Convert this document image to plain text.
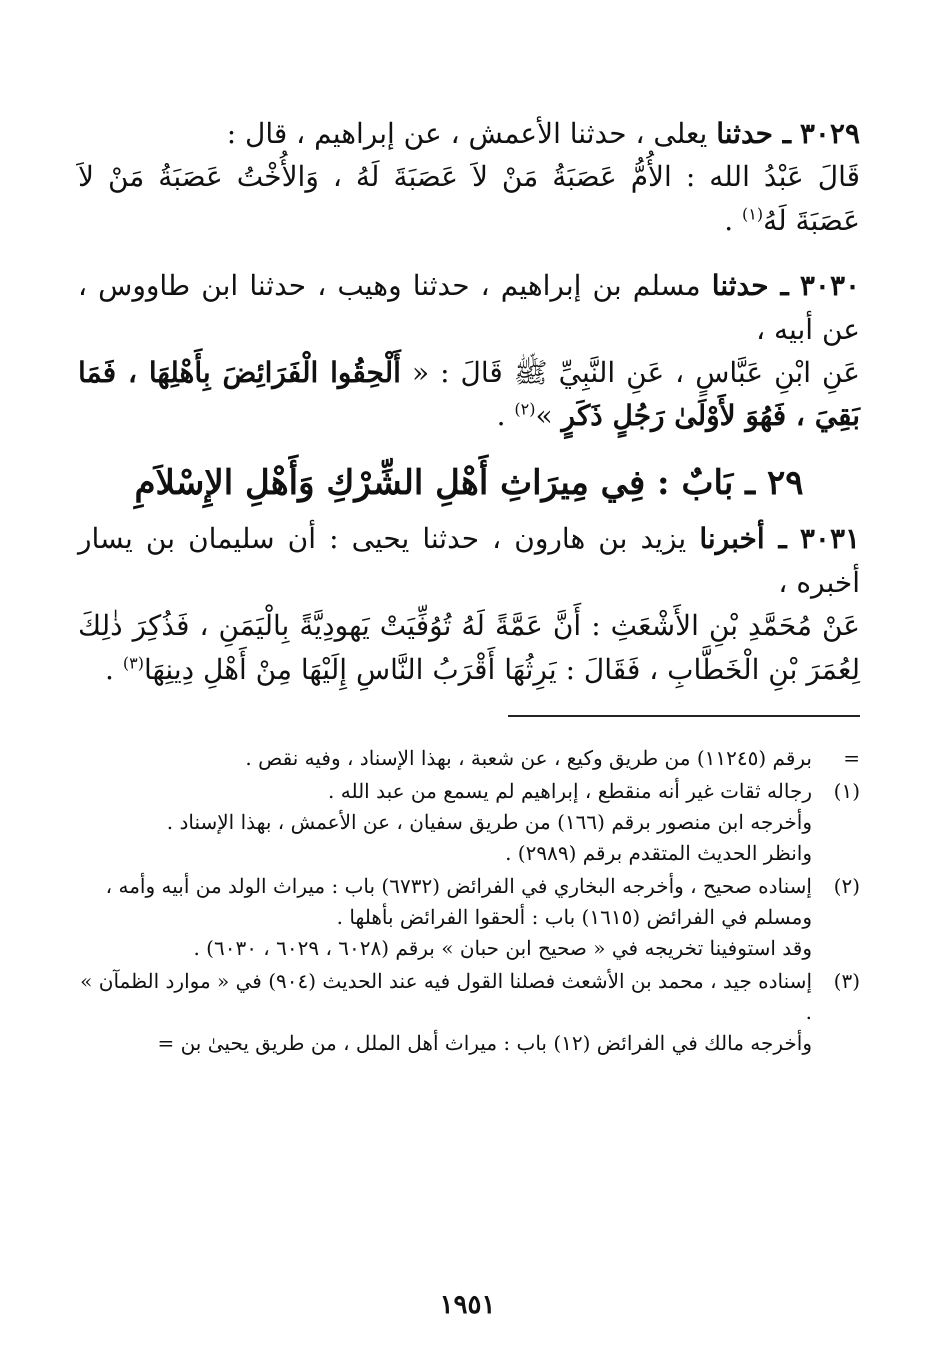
٣٠٢٩ ـ حدثنا يعلى ، حدثنا الأعمش ، عن إبراهيم ، قال :

قَالَ عَبْدُ الله : الأُمُّ عَصَبَةُ مَنْ لاَ عَصَبَةَ لَهُ ، وَالأُخْتُ عَصَبَةُ مَنْ لاَ عَصَبَةَ لَهُ$^{(١)}$ .

٣٠٣٠ ـ حدثنا مسلم بن إبراهيم ، حدثنا وهيب ، حدثنا ابن طاووس ، عن أبيه ،

عَنِ ابْنِ عَبَّاسٍ ، عَنِ النَّبِيِّ ﷺ قَالَ : « أَلْحِقُوا الْفَرَائِضَ بِأَهْلِهَا ، فَمَا بَقِيَ ، فَهُوَ لأَوْلَىٰ رَجُلٍ ذَكَرٍ »$^{(٢)}$ .

٢٩ ـ بَابٌ : فِي مِيرَاثِ أَهْلِ الشِّرْكِ وَأَهْلِ الإِسْلاَمِ

٣٠٣١ ـ أخبرنا يزيد بن هارون ، حدثنا يحيى : أن سليمان بن يسار أخبره ،

عَنْ مُحَمَّدِ بْنِ الأَشْعَثِ : أَنَّ عَمَّةً لَهُ تُوُفِّيَتْ يَهودِيَّةً بِالْيَمَنِ ، فَذُكِرَ ذٰلِكَ لِعُمَرَ بْنِ الْخَطَّابِ ، فَقَالَ : يَرِثُهَا أَقْرَبُ النَّاسِ إِلَيْهَا مِنْ أَهْلِ دِينِهَا$^{(٣)}$ .

=

برقم (١١٢٤٥) من طريق وكيع ، عن شعبة ، بهذا الإسناد ، وفيه نقص .

(١)

رجاله ثقات غير أنه منقطع ، إبراهيم لم يسمع من عبد الله .

وأخرجه ابن منصور برقم (١٦٦) من طريق سفيان ، عن الأعمش ، بهذا الإسناد .

وانظر الحديث المتقدم برقم (٢٩٨٩) .

(٢)

إسناده صحيح ، وأخرجه البخاري في الفرائض (٦٧٣٢) باب : ميراث الولد من أبيه وأمه ، ومسلم في الفرائض (١٦١٥) باب : ألحقوا الفرائض بأهلها .

وقد استوفينا تخريجه في « صحيح ابن حبان » برقم (٦٠٢٨ ، ٦٠٢٩ ، ٦٠٣٠) .

(٣)

إسناده جيد ، محمد بن الأشعث فصلنا القول فيه عند الحديث (٩٠٤) في « موارد الظمآن » .

وأخرجه مالك في الفرائض (١٢) باب : ميراث أهل الملل ، من طريق يحيىٰ بن =

١٩٥١
